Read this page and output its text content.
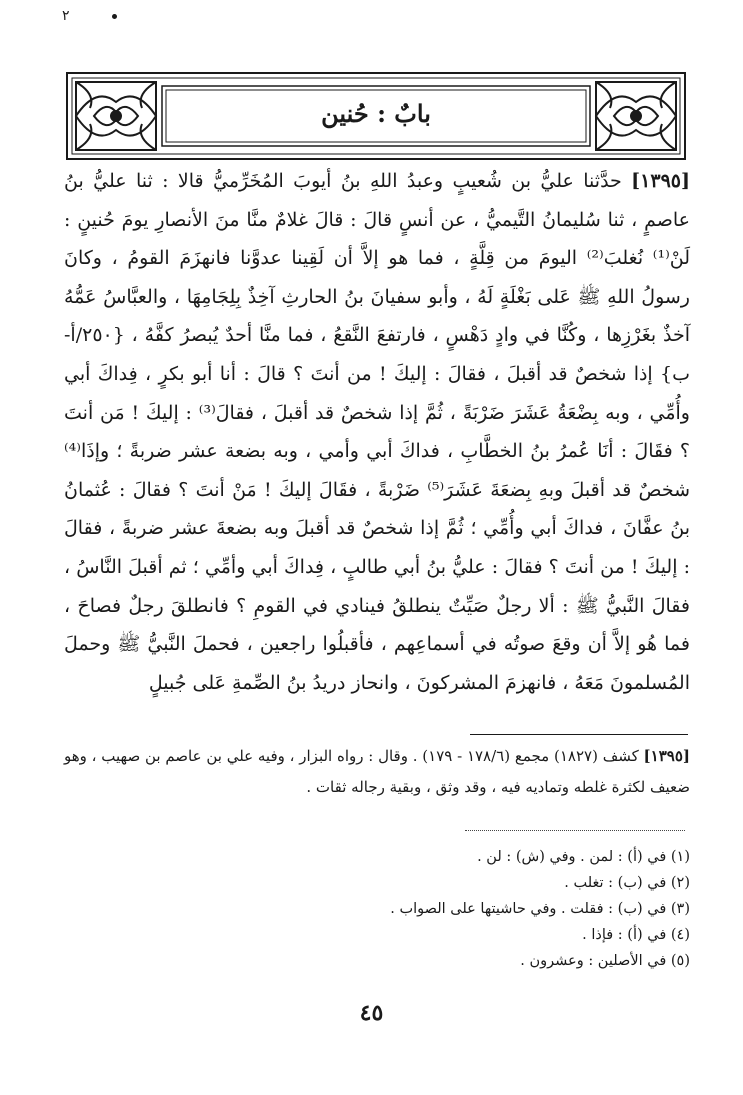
٢
بابٌ : حُنين

[١٣٩٥] حدَّثنا عليُّ بن شُعيبٍ وعبدُ اللهِ بنُ أيوبَ المُخَرِّميُّ قالا : ثنا عليُّ بنُ عاصمٍ ، ثنا سُليمانُ التَّيميُّ ، عن أنسٍ قالَ : قالَ غلامٌ منَّا منَ الأنصارِ يومَ حُنينٍ : لَنْ⁽¹⁾ نُغلبَ⁽²⁾ اليومَ من قِلَّةٍ ، فما هو إلاَّ أن لَقِينا عدوَّنا فانهزَمَ القومُ ، وكانَ رسولُ اللهِ ﷺ عَلى بَغْلَةٍ لَهُ ، وأبو سفيانَ بنُ الحارثِ آخِذٌ بِلِجَامِهَا ، والعبَّاسُ عَمُّهُ آخذٌ بغَرْزِها ، وكُنَّا في وادٍ دَهْسٍ ، فارتفعَ النَّقعُ ، فما منَّا أحدٌ يُبصرُ كفَّهُ ، {٢٥٠/أ-ب} إذا شخصٌ قد أقبلَ ، فقالَ : إليكَ ! من أنتَ ؟ قالَ : أنا أبو بكرٍ ، فِداكَ أبي وأُمِّي ، وبه بِضْعَةُ عَشَرَ ضَرْبَةً ، ثُمَّ إذا شخصٌ قد أقبلَ ، فقالَ⁽³⁾ : إليكَ ! مَن أنتَ ؟ فقَالَ : أنَا عُمرُ بنُ الخطَّابِ ، فداكَ أبي وأمي ، وبه بضعة عشر ضربةً ؛ وإذَا⁽⁴⁾ شخصٌ قد أقبلَ وبهِ بِضعَةَ عَشَرَ⁽⁵⁾ ضَرْبةً ، فقَالَ إليكَ ! مَنْ أنتَ ؟ فقالَ : عُثمانُ بنُ عفَّانَ ، فداكَ أبي وأُمِّي ؛ ثُمَّ إذا شخصٌ قد أقبلَ وبه بضعةَ عشر ضربةً ، فقالَ : إليكَ ! من أنتَ ؟ فقالَ : عليُّ بنُ أبي طالبٍ ، فِداكَ أبي وأمِّي ؛ ثم أقبلَ النَّاسُ ، فقالَ النَّبيُّ ﷺ : ألا رجلٌ صَيِّتٌ ينطلقُ فينادي في القومِ ؟ فانطلقَ رجلٌ فصاحَ ، فما هُو إلاَّ أن وقعَ صوتُه في أسماعِهم ، فأقبلُوا راجعين ، فحملَ النَّبيُّ ﷺ وحملَ المُسلمونَ مَعَهُ ، فانهزمَ المشركونَ ، وانحاز دريدُ بنُ الصِّمةِ عَلى جُبيلٍ

[١٣٩٥] كشف (١٨٢٧) مجمع (١٧٨/٦ - ١٧٩) . وقال : رواه البزار ، وفيه علي بن عاصم بن صهيب ، وهو ضعيف لكثرة غلطه وتماديه فيه ، وقد وثق ، وبقية رجاله ثقات .

(١) في (أ) : لمن . وفي (ش) : لن .
(٢) في (ب) : تغلب .
(٣) في (ب) : فقلت . وفي حاشيتها على الصواب .
(٤) في (أ) : فإذا .
(٥) في الأصلين : وعشرون .
٤٥
